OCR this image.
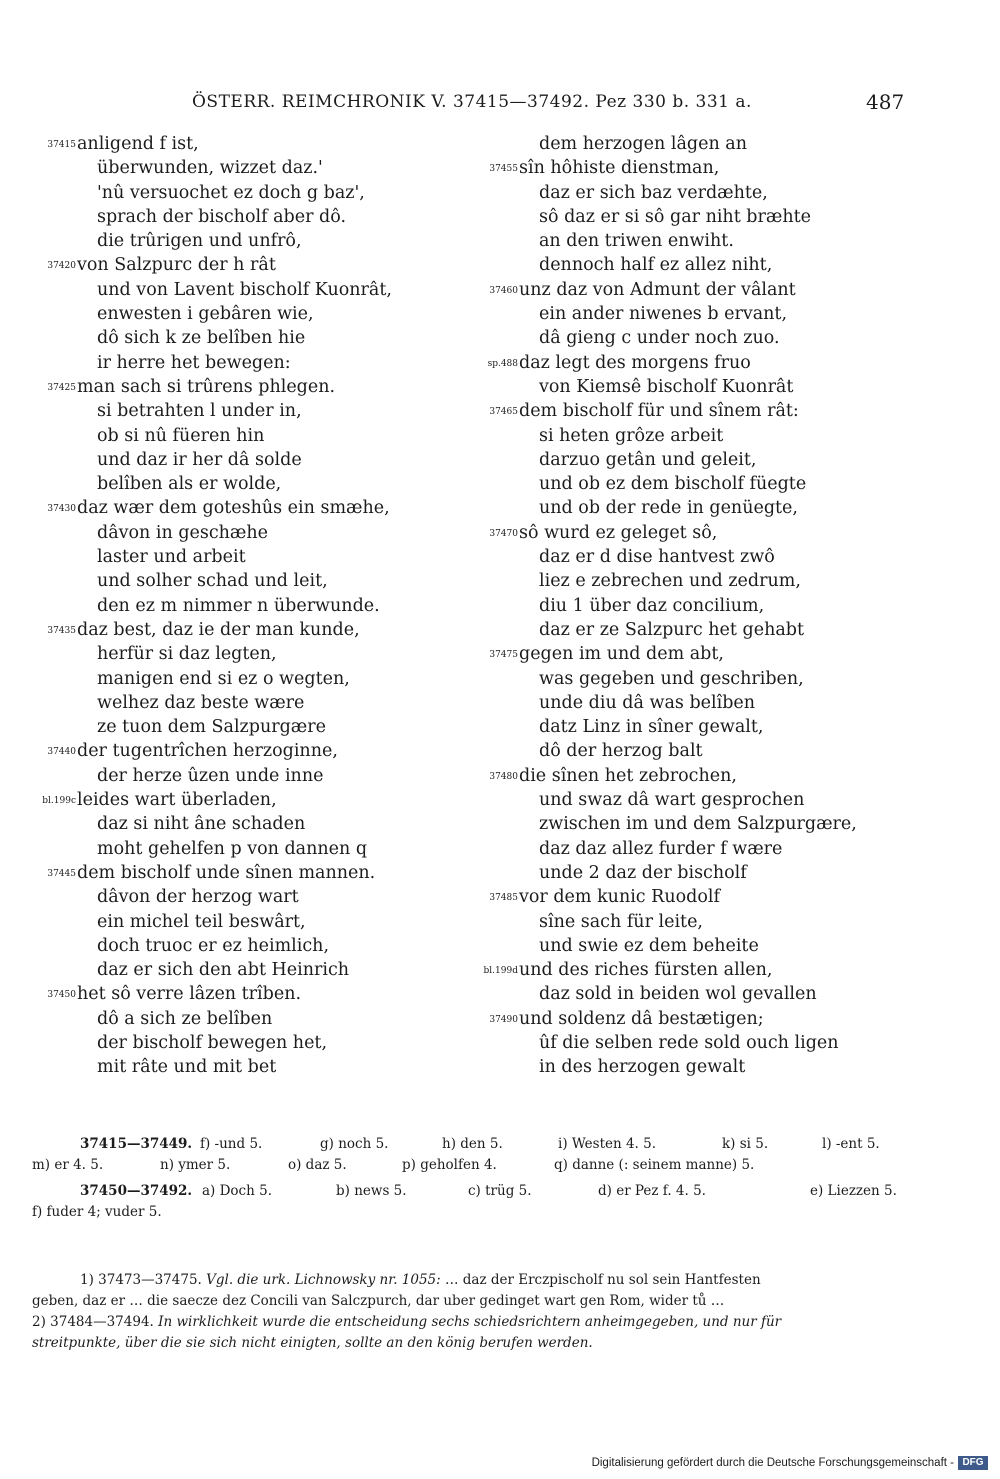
ÖSTERR. REIMCHRONIK V. 37415—37492. Pez 330 b. 331 a.	487
37415 anligend f ist,
überwunden, wizzet daz.'
'nû versuochet ez doch g baz',
sprach der bischolf aber dô.
die trûrigen und unfrô,
37420 von Salzpurc der h rât
und von Lavent bischolf Kuonrât,
enwesten i gebâren wie,
dô sich k ze belîben hie
ir herre het bewegen:
37425 man sach si trûrens phlegen.
si betrahten l under in,
ob si nû füeren hin
und daz ir her dâ solde
belîben als er wolde,
37430 daz wær dem goteshûs ein smæhe,
dâvon in geschæhe
laster und arbeit
und solher schad und leit,
den ez m nimmer n überwunde.
37435 daz best, daz ie der man kunde,
herfür si daz legten,
manigen end si ez o wegten,
welhez daz beste wære
ze tuon dem Salzpurgære
37440 der tugentrîchen herzoginne,
der herze ûzen unde inne
bl.199c leides wart überladen,
daz si niht âne schaden
moht gehelfen p von dannen q
37445 dem bischolf unde sînen mannen.
dâvon der herzog wart
ein michel teil beswârt,
doch truoc er ez heimlich,
daz er sich den abt Heinrich
37450 het sô verre lâzen trîben.
dô a sich ze belîben
der bischolf bewegen het,
mit râte und mit bet
dem herzogen lâgen an
37455 sîn hôhiste dienstman,
daz er sich baz verdæhte,
sô daz er si sô gar niht bræhte
an den triwen enwiht.
dennoch half ez allez niht,
37460 unz daz von Admunt der vâlant
ein ander niwenes b ervant,
dâ gieng c under noch zuo.
sp.488 daz legt des morgens fruo
von Kiemsê bischolf Kuonrât
37465 dem bischolf für und sînem rât:
si heten grôze arbeit
darzuo getân und geleit,
und ob ez dem bischolf füegte
und ob der rede in genüegte,
37470 sô wurd ez geleget sô,
daz er d dise hantvest zwô
liez e zebrechen und zedrum,
diu 1 über daz concilium,
daz er ze Salzpurc het gehabt
37475 gegen im und dem abt,
was gegeben und geschriben,
unde diu dâ was belîben
datz Linz in sîner gewalt,
dô der herzog balt
37480 die sînen het zebrochen,
und swaz dâ wart gesprochen
zwischen im und dem Salzpurgære,
daz daz allez furder f wære
unde 2 daz der bischolf
37485 vor dem kunic Ruodolf
sîne sach für leite,
und swie ez dem beheite
bl.199d und des riches fürsten allen,
daz sold in beiden wol gevallen
37490 und soldenz dâ bestætigen;
ûf die selben rede sold ouch ligen
in des herzogen gewalt
37415—37449. f) -und 5.	g) noch 5.	h) den 5.	i) Westen 4. 5.	k) si 5.	l) -ent 5.
m) er 4. 5.	n) ymer 5.	o) daz 5.	p) geholfen 4.	q) danne (: seinem manne) 5.
37450—37492. a) Doch 5.	b) news 5.	c) trüg 5.	d) er Pez f. 4. 5.	e) Liezzen 5.
f) fuder 4; vuder 5.
1) 37473—37475. Vgl. die urk. Lichnowsky nr. 1055: … daz der Erczpischolf nu sol sein Hantfesten
geben, daz er … die saecze dez Concili van Salczpurch, dar uber gedinget wart gen Rom, wider tů …
2) 37484—37494. In wirklichkeit wurde die entscheidung sechs schiedsrichtern anheimgegeben, und nur für
streitpunkte, über die sie sich nicht einigten, sollte an den könig berufen werden.
Digitalisierung gefördert durch die Deutsche Forschungsgemeinschaft - DFG
